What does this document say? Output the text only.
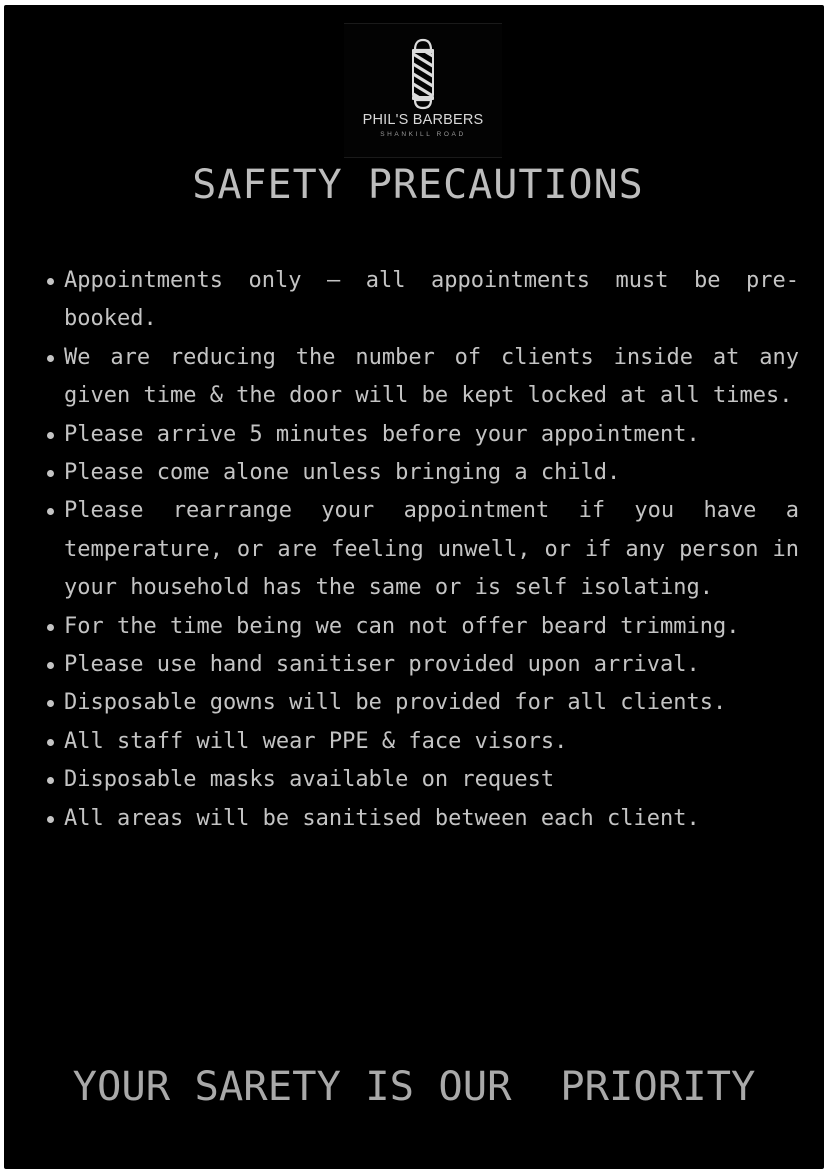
PHIL'S BARBERS
SHANKILL ROAD
SAFETY PRECAUTIONS
Appointments only – all appointments must be pre-booked.
We are reducing the number of clients inside at any given time & the door will be kept locked at all times.
Please arrive 5 minutes before your appointment.
Please come alone unless bringing a child.
Please rearrange your appointment if you have a temperature, or are feeling unwell, or if any person in your household has the same or is self isolating.
For the time being we can not offer beard trimming.
Please use hand sanitiser provided upon arrival.
Disposable gowns will be provided for all clients.
All staff will wear PPE & face visors.
Disposable masks available on request
All areas will be sanitised between each client.
YOUR SARETY IS OUR  PRIORITY
